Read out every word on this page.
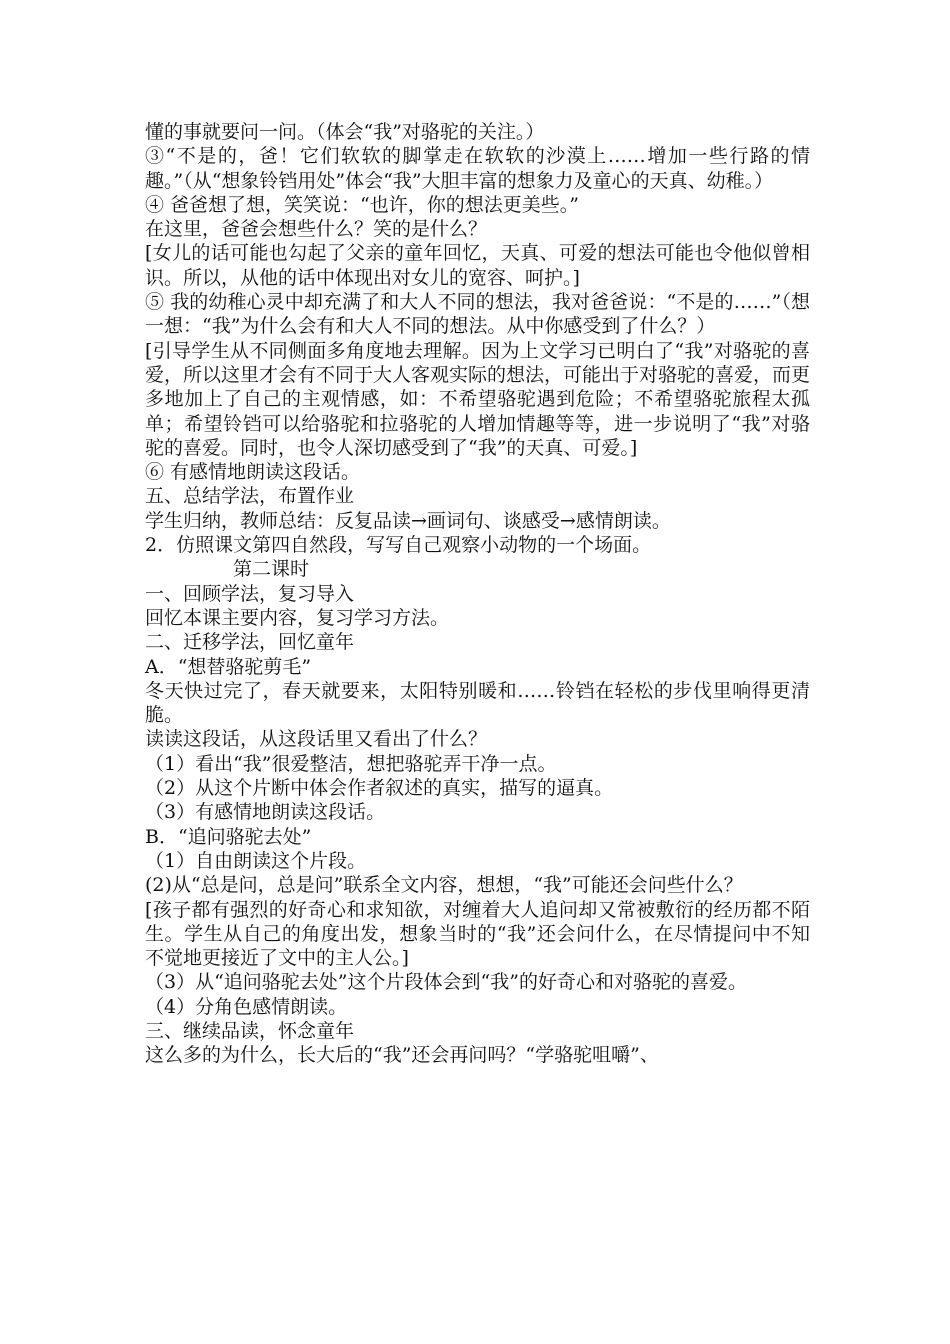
懂的事就要问一问。（体会“我”对骆驼的关注。）

③“不是的，爸！它们软软的脚掌走在软软的沙漠上……增加一些行路的情趣。”（从“想象铃铛用处”体会“我”大胆丰富的想象力及童心的天真、幼稚。）

④ 爸爸想了想，笑笑说：“也许，你的想法更美些。”

在这里，爸爸会想些什么？笑的是什么？

[女儿的话可能也勾起了父亲的童年回忆，天真、可爱的想法可能也令他似曾相识。所以，从他的话中体现出对女儿的宽容、呵护。]

⑤ 我的幼稚心灵中却充满了和大人不同的想法，我对爸爸说：“不是的……”（想一想：“我”为什么会有和大人不同的想法。从中你感受到了什么？）

[引导学生从不同侧面多角度地去理解。因为上文学习已明白了“我”对骆驼的喜爱，所以这里才会有不同于大人客观实际的想法，可能出于对骆驼的喜爱，而更多地加上了自己的主观情感，如：不希望骆驼遇到危险；不希望骆驼旅程太孤单；希望铃铛可以给骆驼和拉骆驼的人增加情趣等等，进一步说明了“我”对骆驼的喜爱。同时，也令人深切感受到了“我”的天真、可爱。]

⑥ 有感情地朗读这段话。

五、总结学法，布置作业

学生归纳，教师总结：反复品读→画词句、谈感受→感情朗读。

2．仿照课文第四自然段，写写自己观察小动物的一个场面。

第二课时

一、回顾学法，复习导入

回忆本课主要内容，复习学习方法。

二、迁移学法，回忆童年

A．“想替骆驼剪毛”

冬天快过完了，春天就要来，太阳特别暖和……铃铛在轻松的步伐里响得更清脆。

读读这段话，从这段话里又看出了什么？

（1）看出“我”很爱整洁，想把骆驼弄干净一点。

（2）从这个片断中体会作者叙述的真实，描写的逼真。

（3）有感情地朗读这段话。

B．“追问骆驼去处”

（1）自由朗读这个片段。

(2)从“总是问，总是问”联系全文内容，想想，“我”可能还会问些什么？

[孩子都有强烈的好奇心和求知欲，对缠着大人追问却又常被敷衍的经历都不陌生。学生从自己的角度出发，想象当时的“我”还会问什么，在尽情提问中不知不觉地更接近了文中的主人公。]

（3）从“追问骆驼去处”这个片段体会到“我”的好奇心和对骆驼的喜爱。

（4）分角色感情朗读。

三、继续品读，怀念童年

这么多的为什么，长大后的“我”还会再问吗？“学骆驼咀嚼”、
